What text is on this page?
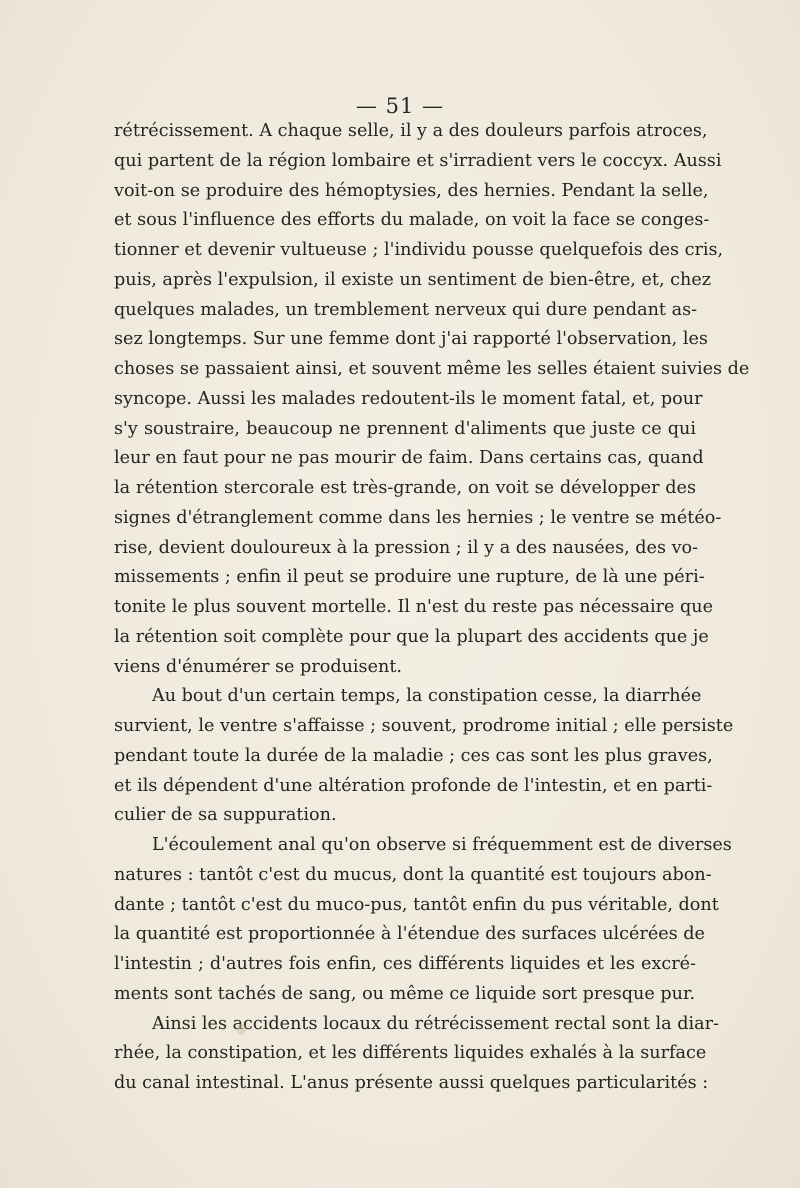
— 51 —
rétrécissement. A chaque selle, il y a des douleurs parfois atroces,
qui partent de la région lombaire et s'irradient vers le coccyx. Aussi
voit-on se produire des hémoptysies, des hernies. Pendant la selle,
et sous l'influence des efforts du malade, on voit la face se conges-
tionner et devenir vultueuse ; l'individu pousse quelquefois des cris,
puis, après l'expulsion, il existe un sentiment de bien-être, et, chez
quelques malades, un tremblement nerveux qui dure pendant as-
sez longtemps. Sur une femme dont j'ai rapporté l'observation, les
choses se passaient ainsi, et souvent même les selles étaient suivies de
syncope. Aussi les malades redoutent-ils le moment fatal, et, pour
s'y soustraire, beaucoup ne prennent d'aliments que juste ce qui
leur en faut pour ne pas mourir de faim. Dans certains cas, quand
la rétention stercorale est très-grande, on voit se développer des
signes d'étranglement comme dans les hernies ; le ventre se météo-
rise, devient douloureux à la pression ; il y a des nausées, des vo-
missements ; enfin il peut se produire une rupture, de là une péri-
tonite le plus souvent mortelle. Il n'est du reste pas nécessaire que
la rétention soit complète pour que la plupart des accidents que je
viens d'énumérer se produisent.
Au bout d'un certain temps, la constipation cesse, la diarrhée
survient, le ventre s'affaisse ; souvent, prodrome initial ; elle persiste
pendant toute la durée de la maladie ; ces cas sont les plus graves,
et ils dépendent d'une altération profonde de l'intestin, et en parti-
culier de sa suppuration.
L'écoulement anal qu'on observe si fréquemment est de diverses
natures : tantôt c'est du mucus, dont la quantité est toujours abon-
dante ; tantôt c'est du muco-pus, tantôt enfin du pus véritable, dont
la quantité est proportionnée à l'étendue des surfaces ulcérées de
l'intestin ; d'autres fois enfin, ces différents liquides et les excré-
ments sont tachés de sang, ou même ce liquide sort presque pur.
Ainsi les accidents locaux du rétrécissement rectal sont la diar-
rhée, la constipation, et les différents liquides exhalés à la surface
du canal intestinal. L'anus présente aussi quelques particularités :
